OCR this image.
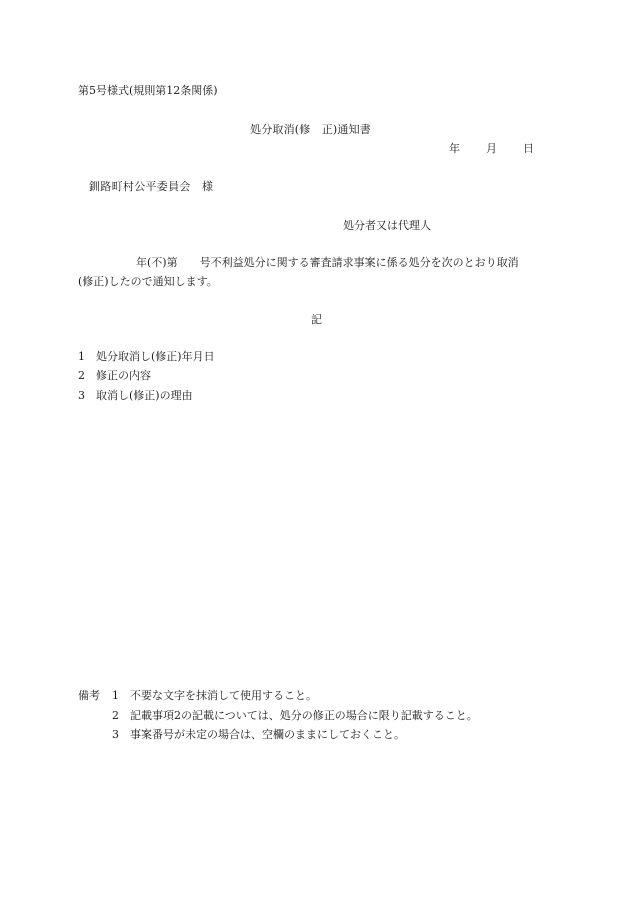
第5号様式(規則第12条関係)
処分取消(修　正)通知書
年 月 日
釧路町村公平委員会　様
処分者又は代理人
年(不)第 号不利益処分に関する審査請求事案に係る処分を次のとおり取消
(修正)したので通知します。
記
1 処分取消し(修正)年月日
2 修正の内容
3 取消し(修正)の理由
備考 1 不要な文字を抹消して使用すること。
2 記載事項2の記載については、処分の修正の場合に限り記載すること。
3 事案番号が未定の場合は、空欄のままにしておくこと。
